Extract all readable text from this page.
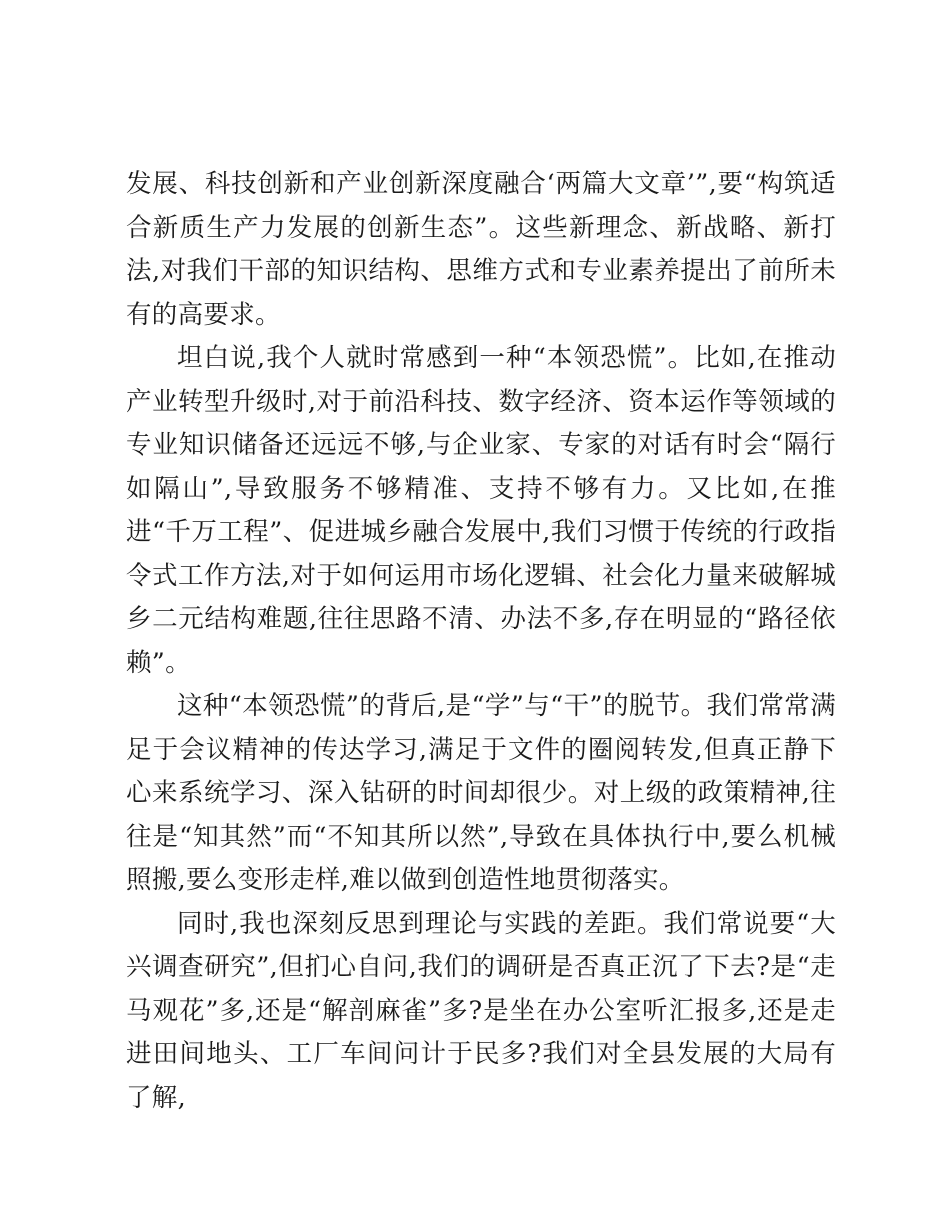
发展、科技创新和产业创新深度融合‘两篇大文章’”,要“构筑适合新质生产力发展的创新生态”。这些新理念、新战略、新打法,对我们干部的知识结构、思维方式和专业素养提出了前所未有的高要求。

坦白说,我个人就时常感到一种“本领恐慌”。比如,在推动产业转型升级时,对于前沿科技、数字经济、资本运作等领域的专业知识储备还远远不够,与企业家、专家的对话有时会“隔行如隔山”,导致服务不够精准、支持不够有力。又比如,在推进“千万工程”、促进城乡融合发展中,我们习惯于传统的行政指令式工作方法,对于如何运用市场化逻辑、社会化力量来破解城乡二元结构难题,往往思路不清、办法不多,存在明显的“路径依赖”。

这种“本领恐慌”的背后,是“学”与“干”的脱节。我们常常满足于会议精神的传达学习,满足于文件的圈阅转发,但真正静下心来系统学习、深入钻研的时间却很少。对上级的政策精神,往往是“知其然”而“不知其所以然”,导致在具体执行中,要么机械照搬,要么变形走样,难以做到创造性地贯彻落实。

同时,我也深刻反思到理论与实践的差距。我们常说要“大兴调查研究”,但扪心自问,我们的调研是否真正沉了下去?是“走马观花”多,还是“解剖麻雀”多?是坐在办公室听汇报多,还是走进田间地头、工厂车间问计于民多?我们对全县发展的大局有了解,
